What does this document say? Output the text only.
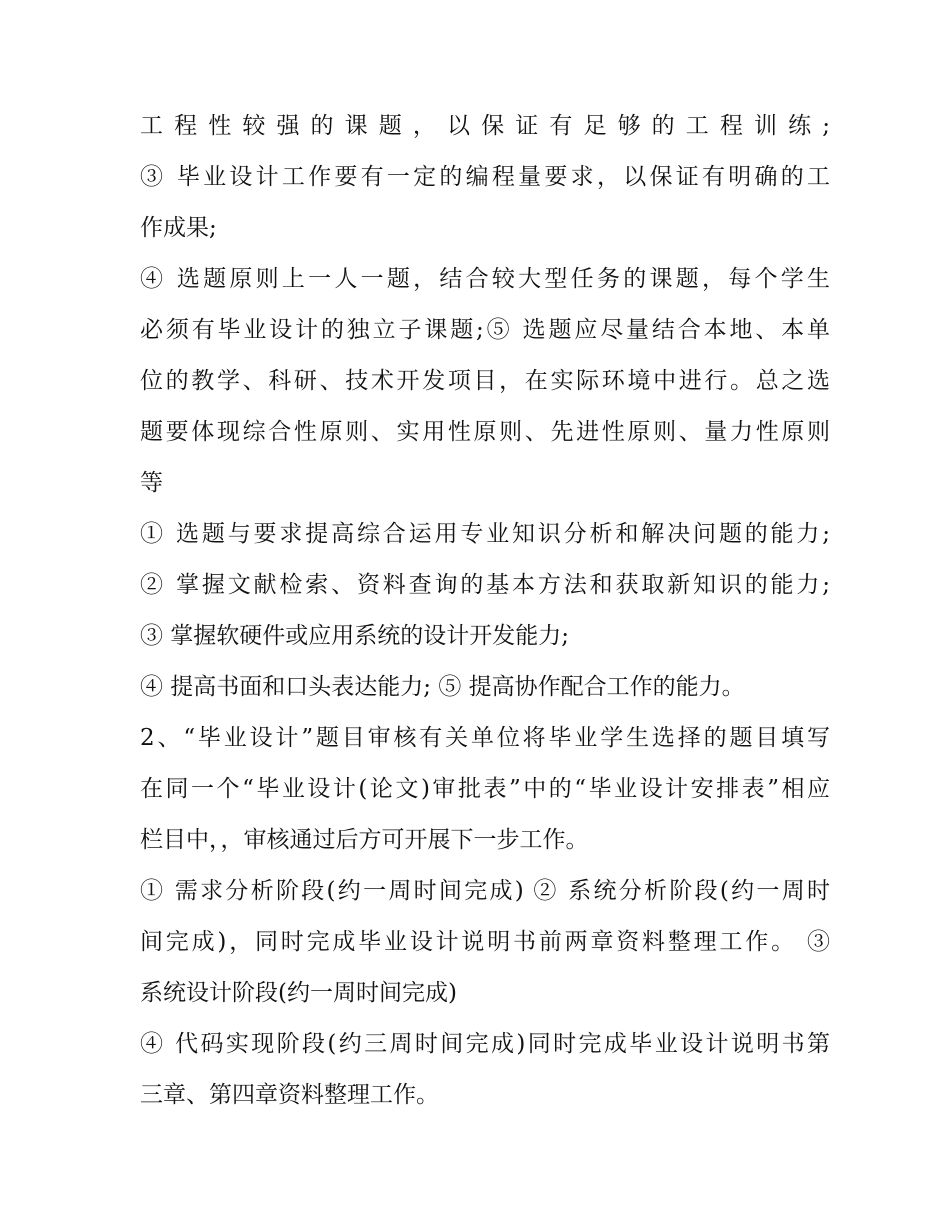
工程性较强的课题，以保证有足够的工程训练;
③ 毕业设计工作要有一定的编程量要求，以保证有明确的工
作成果;
④ 选题原则上一人一题，结合较大型任务的课题，每个学生
必须有毕业设计的独立子课题;⑤ 选题应尽量结合本地、本单
位的教学、科研、技术开发项目，在实际环境中进行。总之选
题要体现综合性原则、实用性原则、先进性原则、量力性原则
等
① 选题与要求提高综合运用专业知识分析和解决问题的能力;
② 掌握文献检索、资料查询的基本方法和获取新知识的能力;
③ 掌握软硬件或应用系统的设计开发能力;
④ 提高书面和口头表达能力; ⑤ 提高协作配合工作的能力。
2、“毕业设计”题目审核有关单位将毕业学生选择的题目填写
在同一个“毕业设计(论文)审批表”中的“毕业设计安排表”相应
栏目中，，审核通过后方可开展下一步工作。
① 需求分析阶段(约一周时间完成) ② 系统分析阶段(约一周时
间完成)，同时完成毕业设计说明书前两章资料整理工作。 ③
系统设计阶段(约一周时间完成)
④ 代码实现阶段(约三周时间完成)同时完成毕业设计说明书第
三章、第四章资料整理工作。
